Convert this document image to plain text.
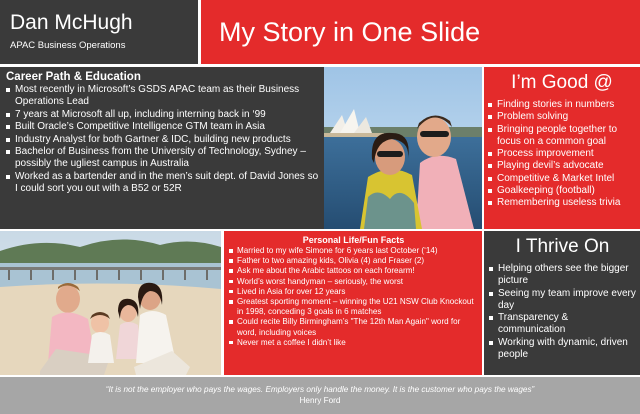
Dan McHugh
APAC Business Operations	My Story in One Slide
Career Path & Education
Most recently in Microsoft’s GSDS APAC team as their Business Operations Lead
7 years at Microsoft all up, including interning back in ‘99
Built Oracle’s Competitive Intelligence GTM team in Asia
Industry Analyst for both Gartner & IDC, building new products
Bachelor of Business from the University of Technology, Sydney – possibly the ugliest campus in Australia
Worked as a bartender and in the men’s suit dept. of David Jones so I could sort you out with a B52 or 52R
I’m Good @
Finding stories in numbers
Problem solving
Bringing people together to focus on a common goal
Process improvement
Playing devil’s advocate
Competitive & Market Intel
Goalkeeping (football)
Remembering useless trivia
Personal Life/Fun Facts
Married to my wife Simone for 6 years last October (‘14)
Father to two amazing kids, Olivia (4) and Fraser (2)
Ask me about the Arabic tattoos on each forearm!
World’s worst handyman – seriously, the worst
Lived in Asia for over 12 years
Greatest sporting moment – winning the U21 NSW Club Knockout in 1998, conceding 3 goals in 6 matches
Could recite Billy Birmingham’s "The 12th Man Again" word for word, including voices
Never met a coffee I didn’t like
I Thrive On
Helping others see the bigger picture
Seeing my team improve every day
Transparency & communication
Working with dynamic, driven people
“It is not the employer who pays the wages. Employers only handle the money. It is the customer who pays the wages”
Henry Ford
